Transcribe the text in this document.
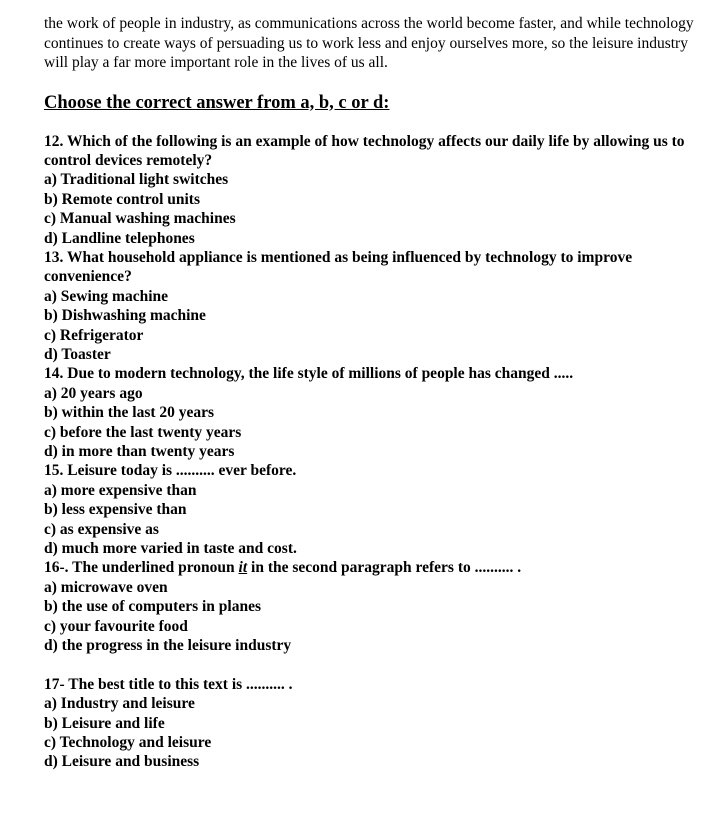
the work of people in industry, as communications across the world become faster, and while technology continues to create ways of persuading us to work less and enjoy ourselves more, so the leisure industry will play a far more important role in the lives of us all.

Choose the correct answer from a, b, c or d:
12. Which of the following is an example of how technology affects our daily life by allowing us to control devices remotely?
a) Traditional light switches
b) Remote control units
c) Manual washing machines
d) Landline telephones
13. What household appliance is mentioned as being influenced by technology to improve convenience?
a) Sewing machine
b) Dishwashing machine
c) Refrigerator
d) Toaster
14. Due to modern technology, the life style of millions of people has changed .....
a) 20 years ago
b) within the last 20 years
c) before the last twenty years
d) in more than twenty years
15. Leisure today is .......... ever before.
a) more expensive than
b) less expensive than
c) as expensive as
d) much more varied in taste and cost.
16-. The underlined pronoun it in the second paragraph refers to .......... .
a) microwave oven
b) the use of computers in planes
c) your favourite food
d) the progress in the leisure industry
17- The best title to this text is .......... .
a) Industry and leisure
b) Leisure and life
c) Technology and leisure
d) Leisure and business
